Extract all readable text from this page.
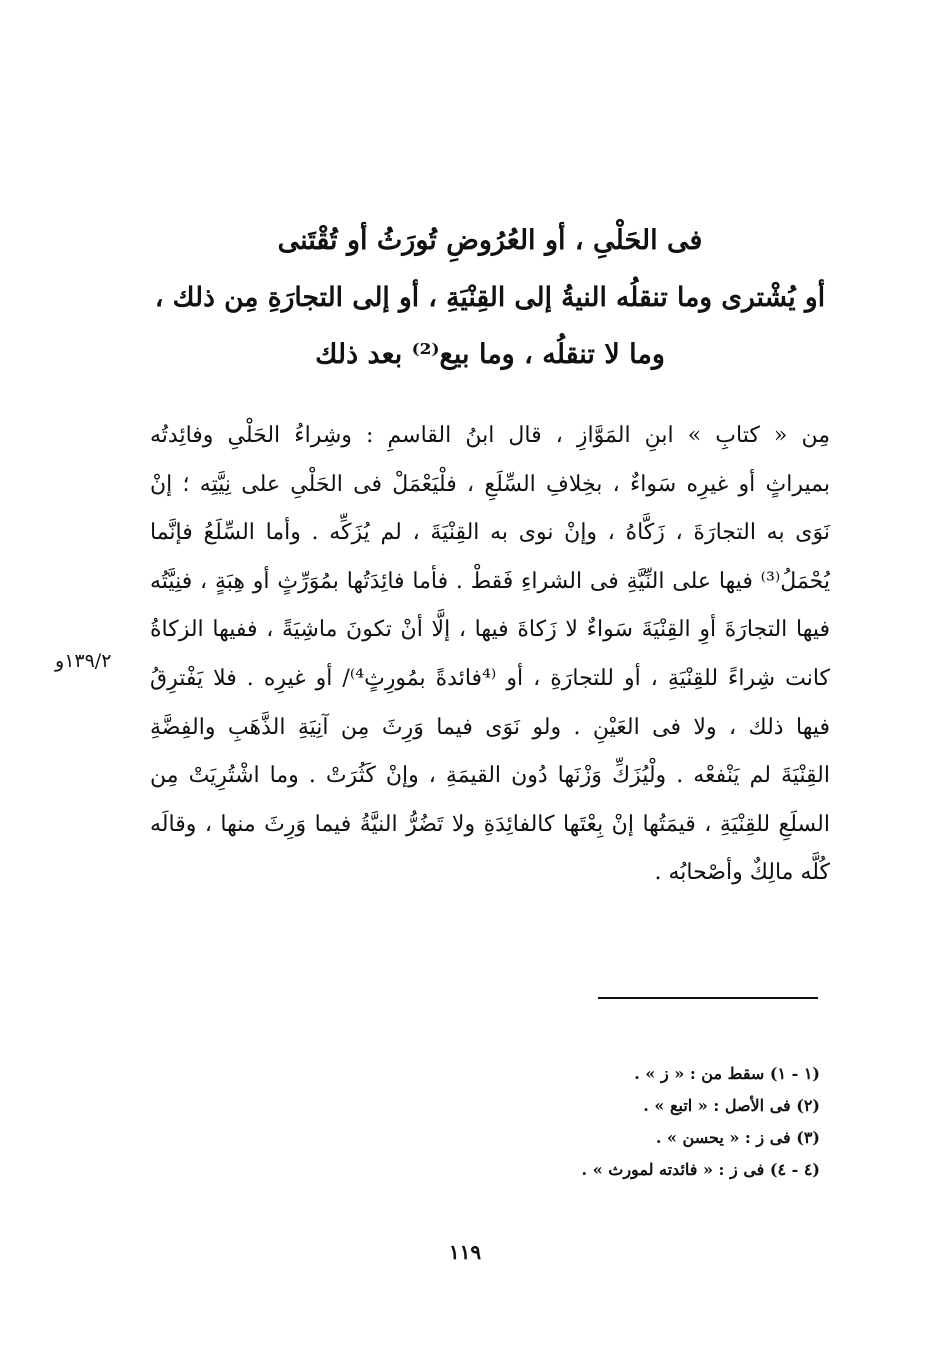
فى الحَلْىِ ، أو العُرُوضِ تُورَثُ أو تُقْتَنى
أو يُشْترى وما تنقلُه النيةُ إلى القِنْيَةِ ، أو إلى التجارَةِ مِن ذلك ،
وما لا تنقلُه ، وما بيع⁽²⁾ بعد ذلك
مِن « كتابِ » ابنِ المَوَّازِ ، قال ابنُ القاسمِ : وشِراءُ الحَلْىِ وفائِدتُه
بميراثٍ أو غيرِه سَواءٌ ، بخِلافِ السِّلَعِ ، فلْيَعْمَلْ فى الحَلْىِ على نِيَّتِه ؛ إنْ
نَوَى به التجارَةَ ، زَكَّاهُ ، وإنْ نوى به القِنْيَةَ ، لم يُزَكِّه . وأما السِّلَعُ فإنَّما
يُحْمَلُ⁽³⁾ فيها على النِّيَّةِ فى الشراءِ فَقطْ . فأما فائِدَتُها بمُوَرِّثٍ أو هِبَةٍ ، فنِيَّتُه
فيها التجارَةَ أوِ القِنْيَةَ سَواءٌ لا زَكاةَ فيها ، إلَّا أنْ تكونَ ماشِيَةً ، ففيها الزكاةُ
كانت شِراءً للقِنْيَةِ ، أو للتجارَةِ ، أو ⁽⁴فائدةً بمُورِثٍ⁴⁾/ أو غيرِه . فلا يَفْترِقُ
فيها ذلك ، ولا فى العَيْنِ . ولو نَوَى فيما وَرِثَ مِن آنِيَةِ الذَّهَبِ والفِضَّةِ
القِنْيَةَ لم يَنْفعْه . ولْيُزَكِّ وَزْنَها دُون القيمَةِ ، وإنْ كَثُرَتْ . وما اشْتُرِيَتْ مِن
السلَعِ للقِنْيَةِ ، قيمَتُها إنْ بِعْتَها كالفائِدَةِ ولا تَضُرُّ النيَّةُ فيما وَرِثَ منها ، وقالَه
كُلَّه مالِكٌ وأصْحابُه .
١٣٩/٢و
(١ - ١) سقط من : « ز » .
(٢) فى الأصل : « اتبع » .
(٣) فى ز : « يحسن » .
(٤ - ٤) فى ز : « فائدته لمورث » .
١١٩
